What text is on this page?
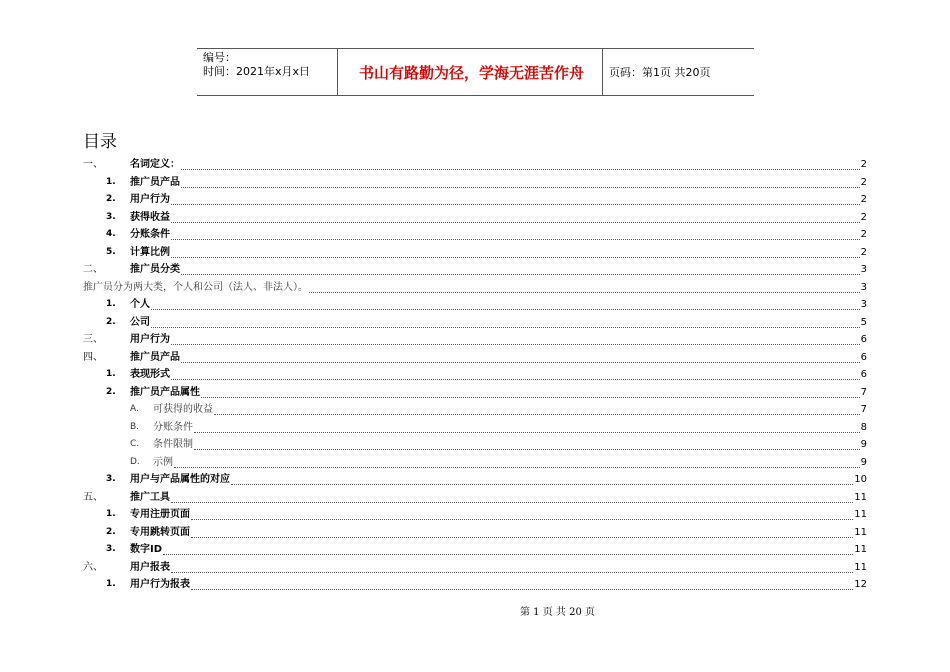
编号：
时间：2021年x月x日	书山有路勤为径，学海无涯苦作舟	页码：第1页 共20页
目录
一、	名词定义：	2
1. 推广员产品	2
2. 用户行为	2
3. 获得收益	2
4. 分账条件	2
5. 计算比例	2
二、	推广员分类	3
推广员分为两大类，个人和公司（法人、非法人）。	3
1. 个人	3
2. 公司	5
三、	用户行为	6
四、	推广员产品	6
1. 表现形式	6
2. 推广员产品属性	7
A. 可获得的收益	7
B. 分账条件	8
C. 条件限制	9
D. 示例	9
3. 用户与产品属性的对应	10
五、	推广工具	11
1. 专用注册页面	11
2. 专用跳转页面	11
3. 数字ID	11
六、	用户报表	11
1. 用户行为报表	12
第 1 页 共 20 页
